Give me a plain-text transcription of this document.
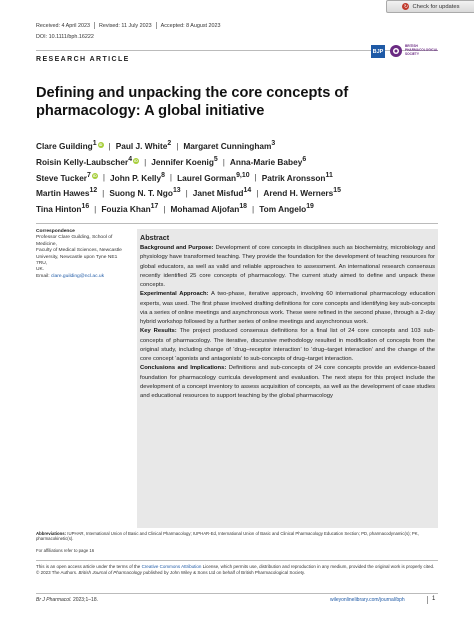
↻ Check for updates
Received: 4 April 2023 Revised: 11 July 2023 Accepted: 8 August 2023
DOI: 10.1111/bph.16222
RESEARCH ARTICLE
BJP
BRITISH PHARMACOLOGICAL SOCIETY
Defining and unpacking the core concepts of pharmacology: A global initiative
Clare Guilding$^1$ iD | Paul J. White$^2$ | Margaret Cunningham$^3$
Roisin Kelly-Laubscher$^4$ iD | Jennifer Koenig$^5$ | Anna-Marie Babey$^6$
Steve Tucker$^7$ iD | John P. Kelly$^8$ | Laurel Gorman$^{9,10}$ | Patrik Aronsson$^{11}$
Martin Hawes$^{12}$ | Suong N. T. Ngo$^{13}$ | Janet Misfud$^{14}$ | Arend H. Werners$^{15}$
Tina Hinton$^{16}$ | Fouzia Khan$^{17}$ | Mohamad Aljofan$^{18}$ | Tom Angelo$^{19}$
Correspondence
Professor Clare Guilding, School of Medicine,
Faculty of Medical Sciences, Newcastle
University, Newcastle upon Tyne NE1 7RU,
UK.
Email: clare.guilding@ncl.ac.uk
Abstract

Background and Purpose: Development of core concepts in disciplines such as biochemistry, microbiology and physiology have transformed teaching. They provide the foundation for the development of teaching resources for global educators, as well as valid and reliable approaches to assessment. An international research consensus recently identified 25 core concepts of pharmacology. The current study aimed to define and unpack these concepts.

Experimental Approach: A two-phase, iterative approach, involving 60 international pharmacology education experts, was used. The first phase involved drafting definitions for core concepts and identifying key sub-concepts via a series of online meetings and asynchronous work. These were refined in the second phase, through a 2-day hybrid workshop followed by a further series of online meetings and asynchronous work.

Key Results: The project produced consensus definitions for a final list of 24 core concepts and 103 sub-concepts of pharmacology. The iterative, discursive methodology resulted in modification of concepts from the original study, including change of ‘drug–receptor interaction’ to ‘drug–target interaction’ and the change of the core concept ‘agonists and antagonists’ to sub-concepts of drug–target interaction.

Conclusions and Implications: Definitions and sub-concepts of 24 core concepts provide an evidence-based foundation for pharmacology curricula development and evaluation. The next steps for this project include the development of a concept inventory to assess acquisition of concepts, as well as the development of case studies and educational resources to support teaching by the global pharmacology

Abbreviations: IUPHAR, International Union of Basic and Clinical Pharmacology; IUPHAR-Ed, International Union of Basic and Clinical Pharmacology Education Section; PD, pharmacodynamic(s); PK, pharmacokinetic(s).
For affiliations refer to page 16
This is an open access article under the terms of the Creative Commons Attribution License, which permits use, distribution and reproduction in any medium, provided the original work is properly cited.
© 2023 The Authors. British Journal of Pharmacology published by John Wiley & Sons Ltd on behalf of British Pharmacological Society.
Br J Pharmacol. 2023;1–18.	wileyonlinelibrary.com/journal/bph	1
